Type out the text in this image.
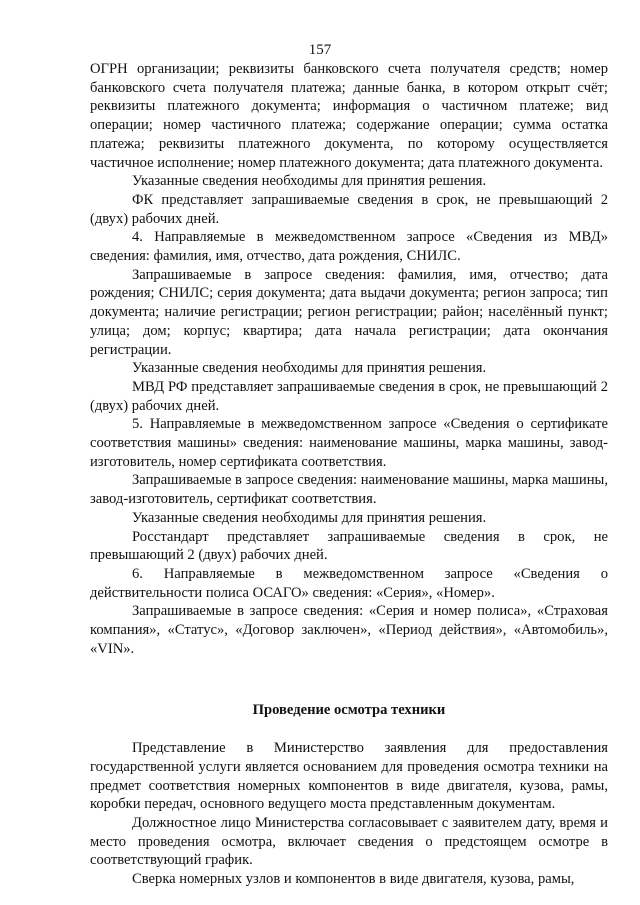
157

ОГРН организации; реквизиты банковского счета получателя средств; номер банковского счета получателя платежа; данные банка, в котором открыт счёт; реквизиты платежного документа; информация о частичном платеже; вид операции; номер частичного платежа; содержание операции; сумма остатка платежа; реквизиты платежного документа, по которому осуществляется частичное исполнение; номер платежного документа; дата платежного документа.

Указанные сведения необходимы для принятия решения.

ФК представляет запрашиваемые сведения в срок, не превышающий 2 (двух) рабочих дней.

4. Направляемые в межведомственном запросе «Сведения из МВД» сведения: фамилия, имя, отчество, дата рождения, СНИЛС.

Запрашиваемые в запросе сведения: фамилия, имя, отчество; дата рождения; СНИЛС; серия документа; дата выдачи документа; регион запроса; тип документа; наличие регистрации; регион регистрации; район; населённый пункт; улица; дом; корпус; квартира; дата начала регистрации; дата окончания регистрации.

Указанные сведения необходимы для принятия решения.

МВД РФ представляет запрашиваемые сведения в срок, не превышающий 2 (двух) рабочих дней.

5. Направляемые в межведомственном запросе «Сведения о сертификате соответствия машины» сведения: наименование машины, марка машины, завод-изготовитель, номер сертификата соответствия.

Запрашиваемые в запросе сведения: наименование машины, марка машины, завод-изготовитель, сертификат соответствия.

Указанные сведения необходимы для принятия решения.

Росстандарт представляет запрашиваемые сведения в срок, не превышающий 2 (двух) рабочих дней.

6. Направляемые в межведомственном запросе «Сведения о действительности полиса ОСАГО» сведения: «Серия», «Номер».

Запрашиваемые в запросе сведения: «Серия и номер полиса», «Страховая компания», «Статус», «Договор заключен», «Период действия», «Автомобиль», «VIN».

Проведение осмотра техники

Представление в Министерство заявления для предоставления государственной услуги является основанием для проведения осмотра техники на предмет соответствия номерных компонентов в виде двигателя, кузова, рамы, коробки передач, основного ведущего моста представленным документам.

Должностное лицо Министерства согласовывает с заявителем дату, время и место проведения осмотра, включает сведения о предстоящем осмотре в соответствующий график.

Сверка номерных узлов и компонентов в виде двигателя, кузова, рамы,
